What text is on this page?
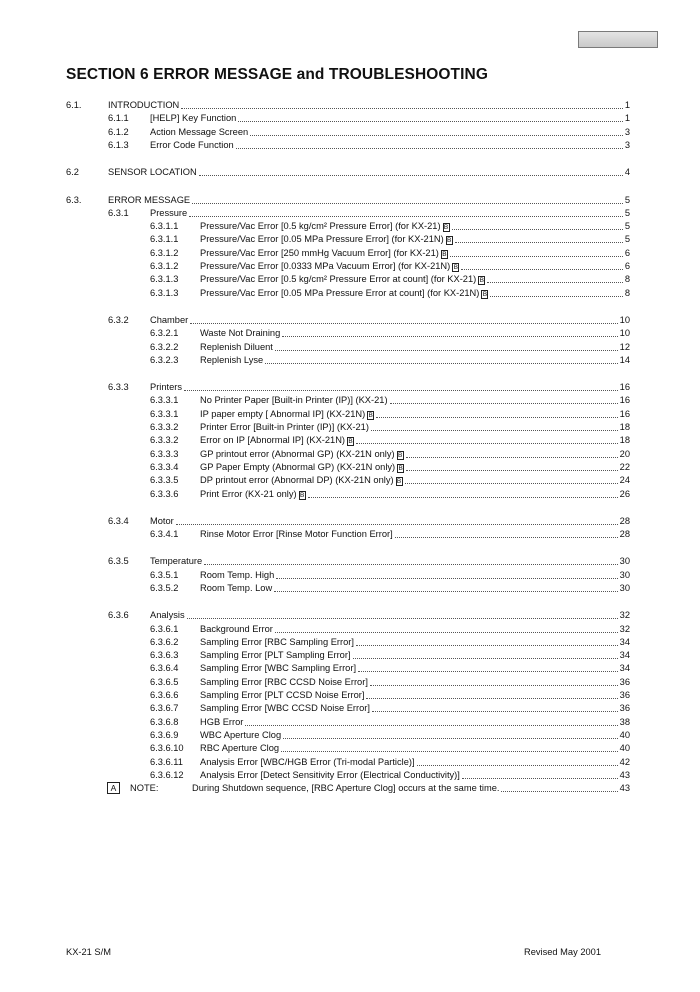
SECTION 6 ERROR MESSAGE and TROUBLESHOOTING
6.1.	INTRODUCTION	1
6.1.1 [HELP] Key Function	1
6.1.2 Action Message Screen	3
6.1.3 Error Code Function	3
6.2	SENSOR LOCATION	4
6.3.	ERROR MESSAGE	5
6.3.1 Pressure	5
6.3.1.1 Pressure/Vac Error [0.5 kg/cm² Pressure Error] (for KX-21) B	5
6.3.1.1 Pressure/Vac Error [0.05 MPa Pressure Error] (for KX-21N) B	5
6.3.1.2 Pressure/Vac Error [250 mmHg Vacuum Error] (for KX-21) B	6
6.3.1.2 Pressure/Vac Error [0.0333 MPa Vacuum Error] (for KX-21N) B	6
6.3.1.3 Pressure/Vac Error [0.5 kg/cm² Pressure Error at count] (for KX-21) B	8
6.3.1.3 Pressure/Vac Error [0.05 MPa Pressure Error at count] (for KX-21N) B	8
6.3.2 Chamber	10
6.3.2.1 Waste Not Draining	10
6.3.2.2 Replenish Diluent	12
6.3.2.3 Replenish Lyse	14
6.3.3 Printers	16
6.3.3.1 No Printer Paper [Built-in Printer (IP)] (KX-21)	16
6.3.3.1 IP paper empty [ Abnormal IP] (KX-21N) B	16
6.3.3.2 Printer Error [Built-in Printer (IP)] (KX-21)	18
6.3.3.2 Error on IP [Abnormal IP] (KX-21N) B	18
6.3.3.3 GP printout error (Abnormal GP) (KX-21N only) B	20
6.3.3.4 GP Paper Empty (Abnormal GP) (KX-21N only) B	22
6.3.3.5 DP printout error (Abnormal DP) (KX-21N only) B	24
6.3.3.6 Print Error (KX-21 only) B	26
6.3.4 Motor	28
6.3.4.1 Rinse Motor Error [Rinse Motor Function Error]	28
6.3.5 Temperature	30
6.3.5.1 Room Temp. High	30
6.3.5.2 Room Temp. Low	30
6.3.6 Analysis	32
6.3.6.1 Background Error	32
6.3.6.2 Sampling Error [RBC Sampling Error]	34
6.3.6.3 Sampling Error [PLT Sampling Error]	34
6.3.6.4 Sampling Error [WBC Sampling Error]	34
6.3.6.5 Sampling Error [RBC CCSD Noise Error]	36
6.3.6.6 Sampling Error [PLT CCSD Noise Error]	36
6.3.6.7 Sampling Error [WBC CCSD Noise Error]	36
6.3.6.8 HGB Error	38
6.3.6.9 WBC Aperture Clog	40
6.3.6.10 RBC Aperture Clog	40
6.3.6.11 Analysis Error [WBC/HGB Error (Tri-modal Particle)]	42
6.3.6.12 Analysis Error [Detect Sensitivity Error (Electrical Conductivity)]	43
NOTE:
A	During Shutdown sequence, [RBC Aperture Clog] occurs at the same time.	43
KX-21 S/M	Revised May 2001
